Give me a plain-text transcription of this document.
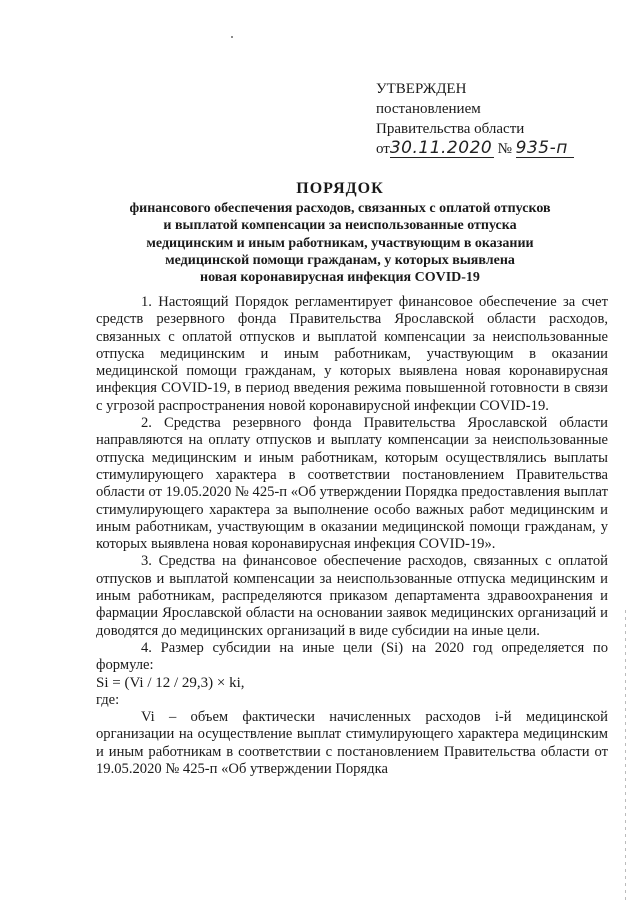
УТВЕРЖДЕН
постановлением
Правительства области
от30.11.2020 № 935-п
ПОРЯДОК
финансового обеспечения расходов, связанных с оплатой отпусков
и выплатой компенсации за неиспользованные отпуска
медицинским и иным работникам, участвующим в оказании
медицинской помощи гражданам, у которых выявлена
новая коронавирусная инфекция COVID-19

1. Настоящий Порядок регламентирует финансовое обеспечение за счет средств резервного фонда Правительства Ярославской области расходов, связанных с оплатой отпусков и выплатой компенсации за неиспользованные отпуска медицинским и иным работникам, участвующим в оказании медицинской помощи гражданам, у которых выявлена новая коронавирусная инфекция COVID-19, в период введения режима повышенной готовности в связи с угрозой распространения новой коронавирусной инфекции COVID-19.

2. Средства резервного фонда Правительства Ярославской области направляются на оплату отпусков и выплату компенсации за неиспользованные отпуска медицинским и иным работникам, которым осуществлялись выплаты стимулирующего характера в соответствии постановлением Правительства области от 19.05.2020 № 425-п «Об утверждении Порядка предоставления выплат стимулирующего характера за выполнение особо важных работ медицинским и иным работникам, участвующим в оказании медицинской помощи гражданам, у которых выявлена новая коронавирусная инфекция COVID-19».

3. Средства на финансовое обеспечение расходов, связанных с оплатой отпусков и выплатой компенсации за неиспользованные отпуска медицинским и иным работникам, распределяются приказом департамента здравоохранения и фармации Ярославской области на основании заявок медицинских организаций и доводятся до медицинских организаций в виде субсидии на иные цели.

4. Размер субсидии на иные цели (Si) на 2020 год определяется по формуле:

Si = (Vi / 12 / 29,3) × ki,

где:

Vi – объем фактически начисленных расходов i-й медицинской организации на осуществление выплат стимулирующего характера медицинским и иным работникам в соответствии с постановлением Правительства области от 19.05.2020 № 425-п «Об утверждении Порядка
